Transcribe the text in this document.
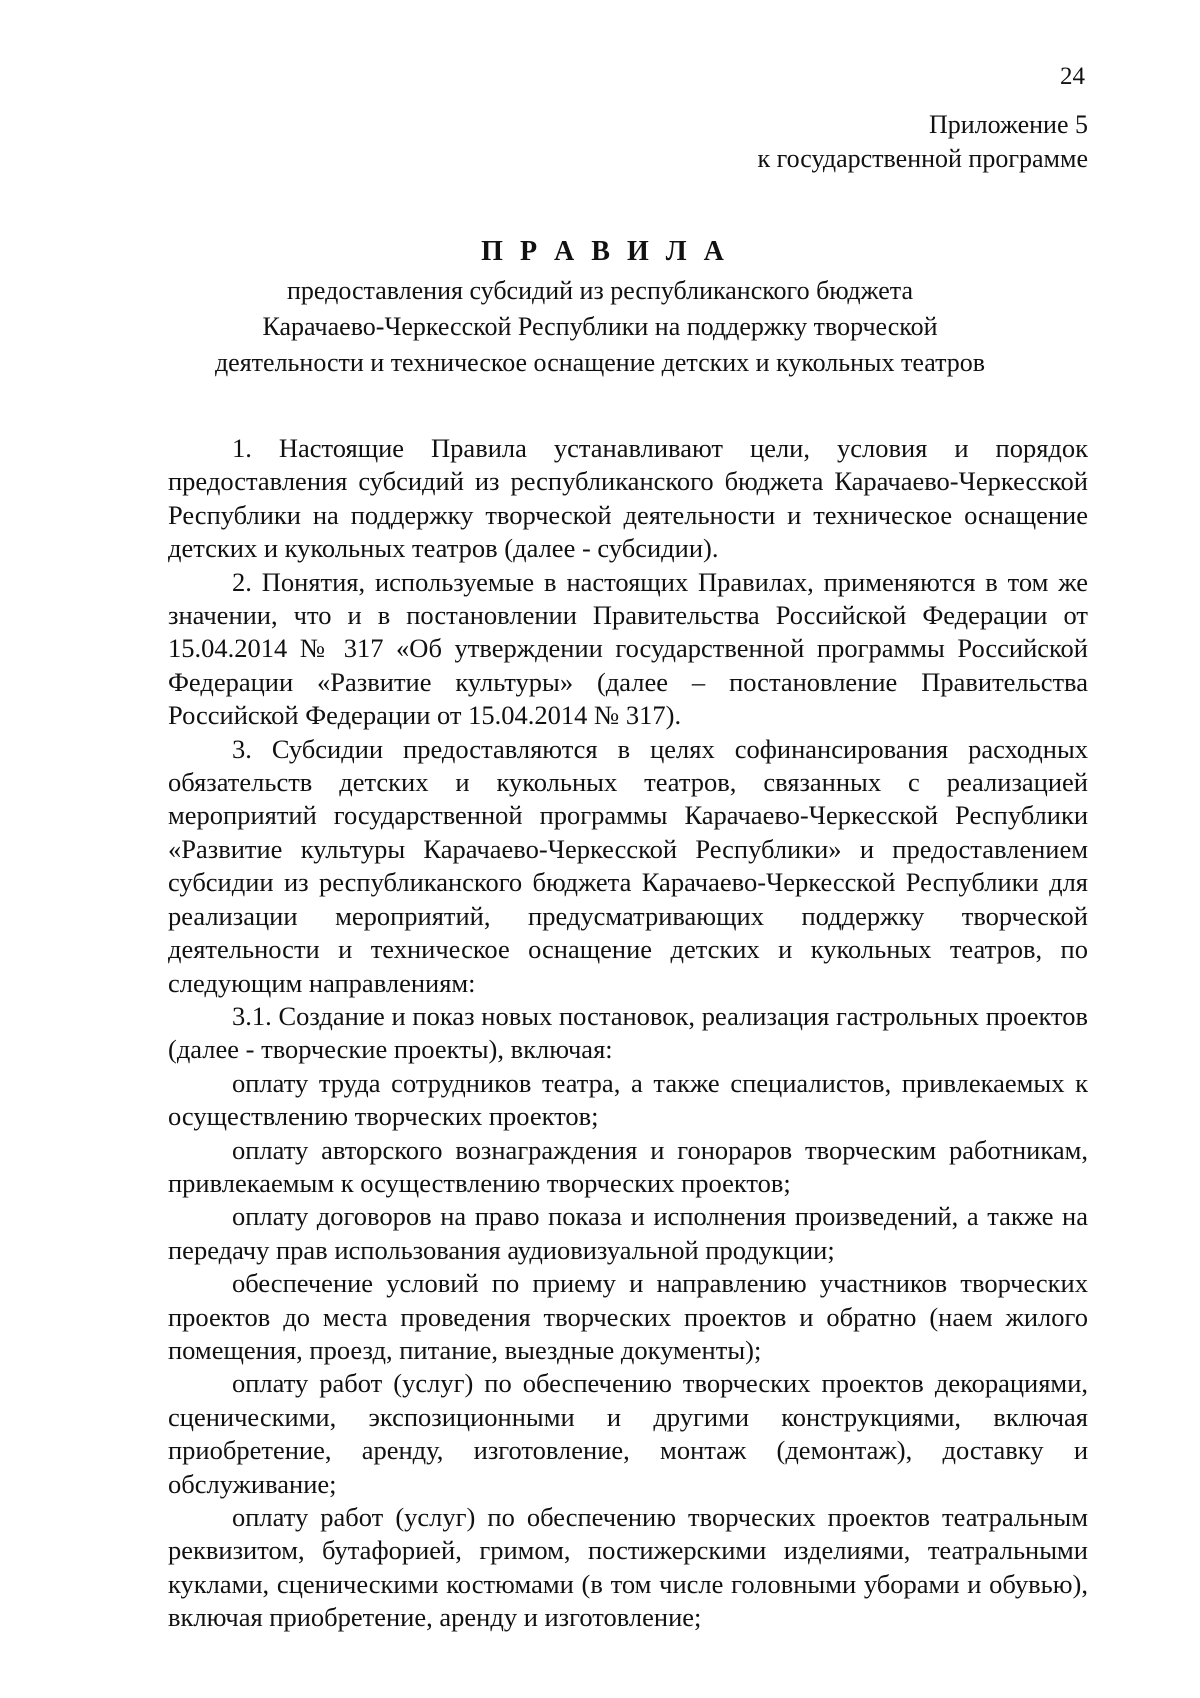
24
Приложение 5
к государственной программе
П Р А В И Л А
предоставления субсидий из республиканского бюджета
Карачаево-Черкесской Республики на поддержку творческой
деятельности и техническое оснащение детских и кукольных театров

1. Настоящие Правила устанавливают цели, условия и порядок предоставления субсидий из республиканского бюджета Карачаево-Черкесской Республики на поддержку творческой деятельности и техническое оснащение детских и кукольных театров (далее - субсидии).

2. Понятия, используемые в настоящих Правилах, применяются в том же значении, что и в постановлении Правительства Российской Федерации от 15.04.2014 № 317 «Об утверждении государственной программы Российской Федерации «Развитие культуры» (далее – постановление Правительства Российской Федерации от 15.04.2014 № 317).

3. Субсидии предоставляются в целях софинансирования расходных обязательств детских и кукольных театров, связанных с реализацией мероприятий государственной программы Карачаево-Черкесской Республики «Развитие культуры Карачаево-Черкесской Республики» и предоставлением субсидии из республиканского бюджета Карачаево-Черкесской Республики для реализации мероприятий, предусматривающих поддержку творческой деятельности и техническое оснащение детских и кукольных театров, по следующим направлениям:

3.1. Создание и показ новых постановок, реализация гастрольных проектов (далее - творческие проекты), включая:

оплату труда сотрудников театра, а также специалистов, привлекаемых к осуществлению творческих проектов;

оплату авторского вознаграждения и гонораров творческим работникам, привлекаемым к осуществлению творческих проектов;

оплату договоров на право показа и исполнения произведений, а также на передачу прав использования аудиовизуальной продукции;

обеспечение условий по приему и направлению участников творческих проектов до места проведения творческих проектов и обратно (наем жилого помещения, проезд, питание, выездные документы);

оплату работ (услуг) по обеспечению творческих проектов декорациями, сценическими, экспозиционными и другими конструкциями, включая приобретение, аренду, изготовление, монтаж (демонтаж), доставку и обслуживание;

оплату работ (услуг) по обеспечению творческих проектов театральным реквизитом, бутафорией, гримом, постижерскими изделиями, театральными куклами, сценическими костюмами (в том числе головными уборами и обувью), включая приобретение, аренду и изготовление;
